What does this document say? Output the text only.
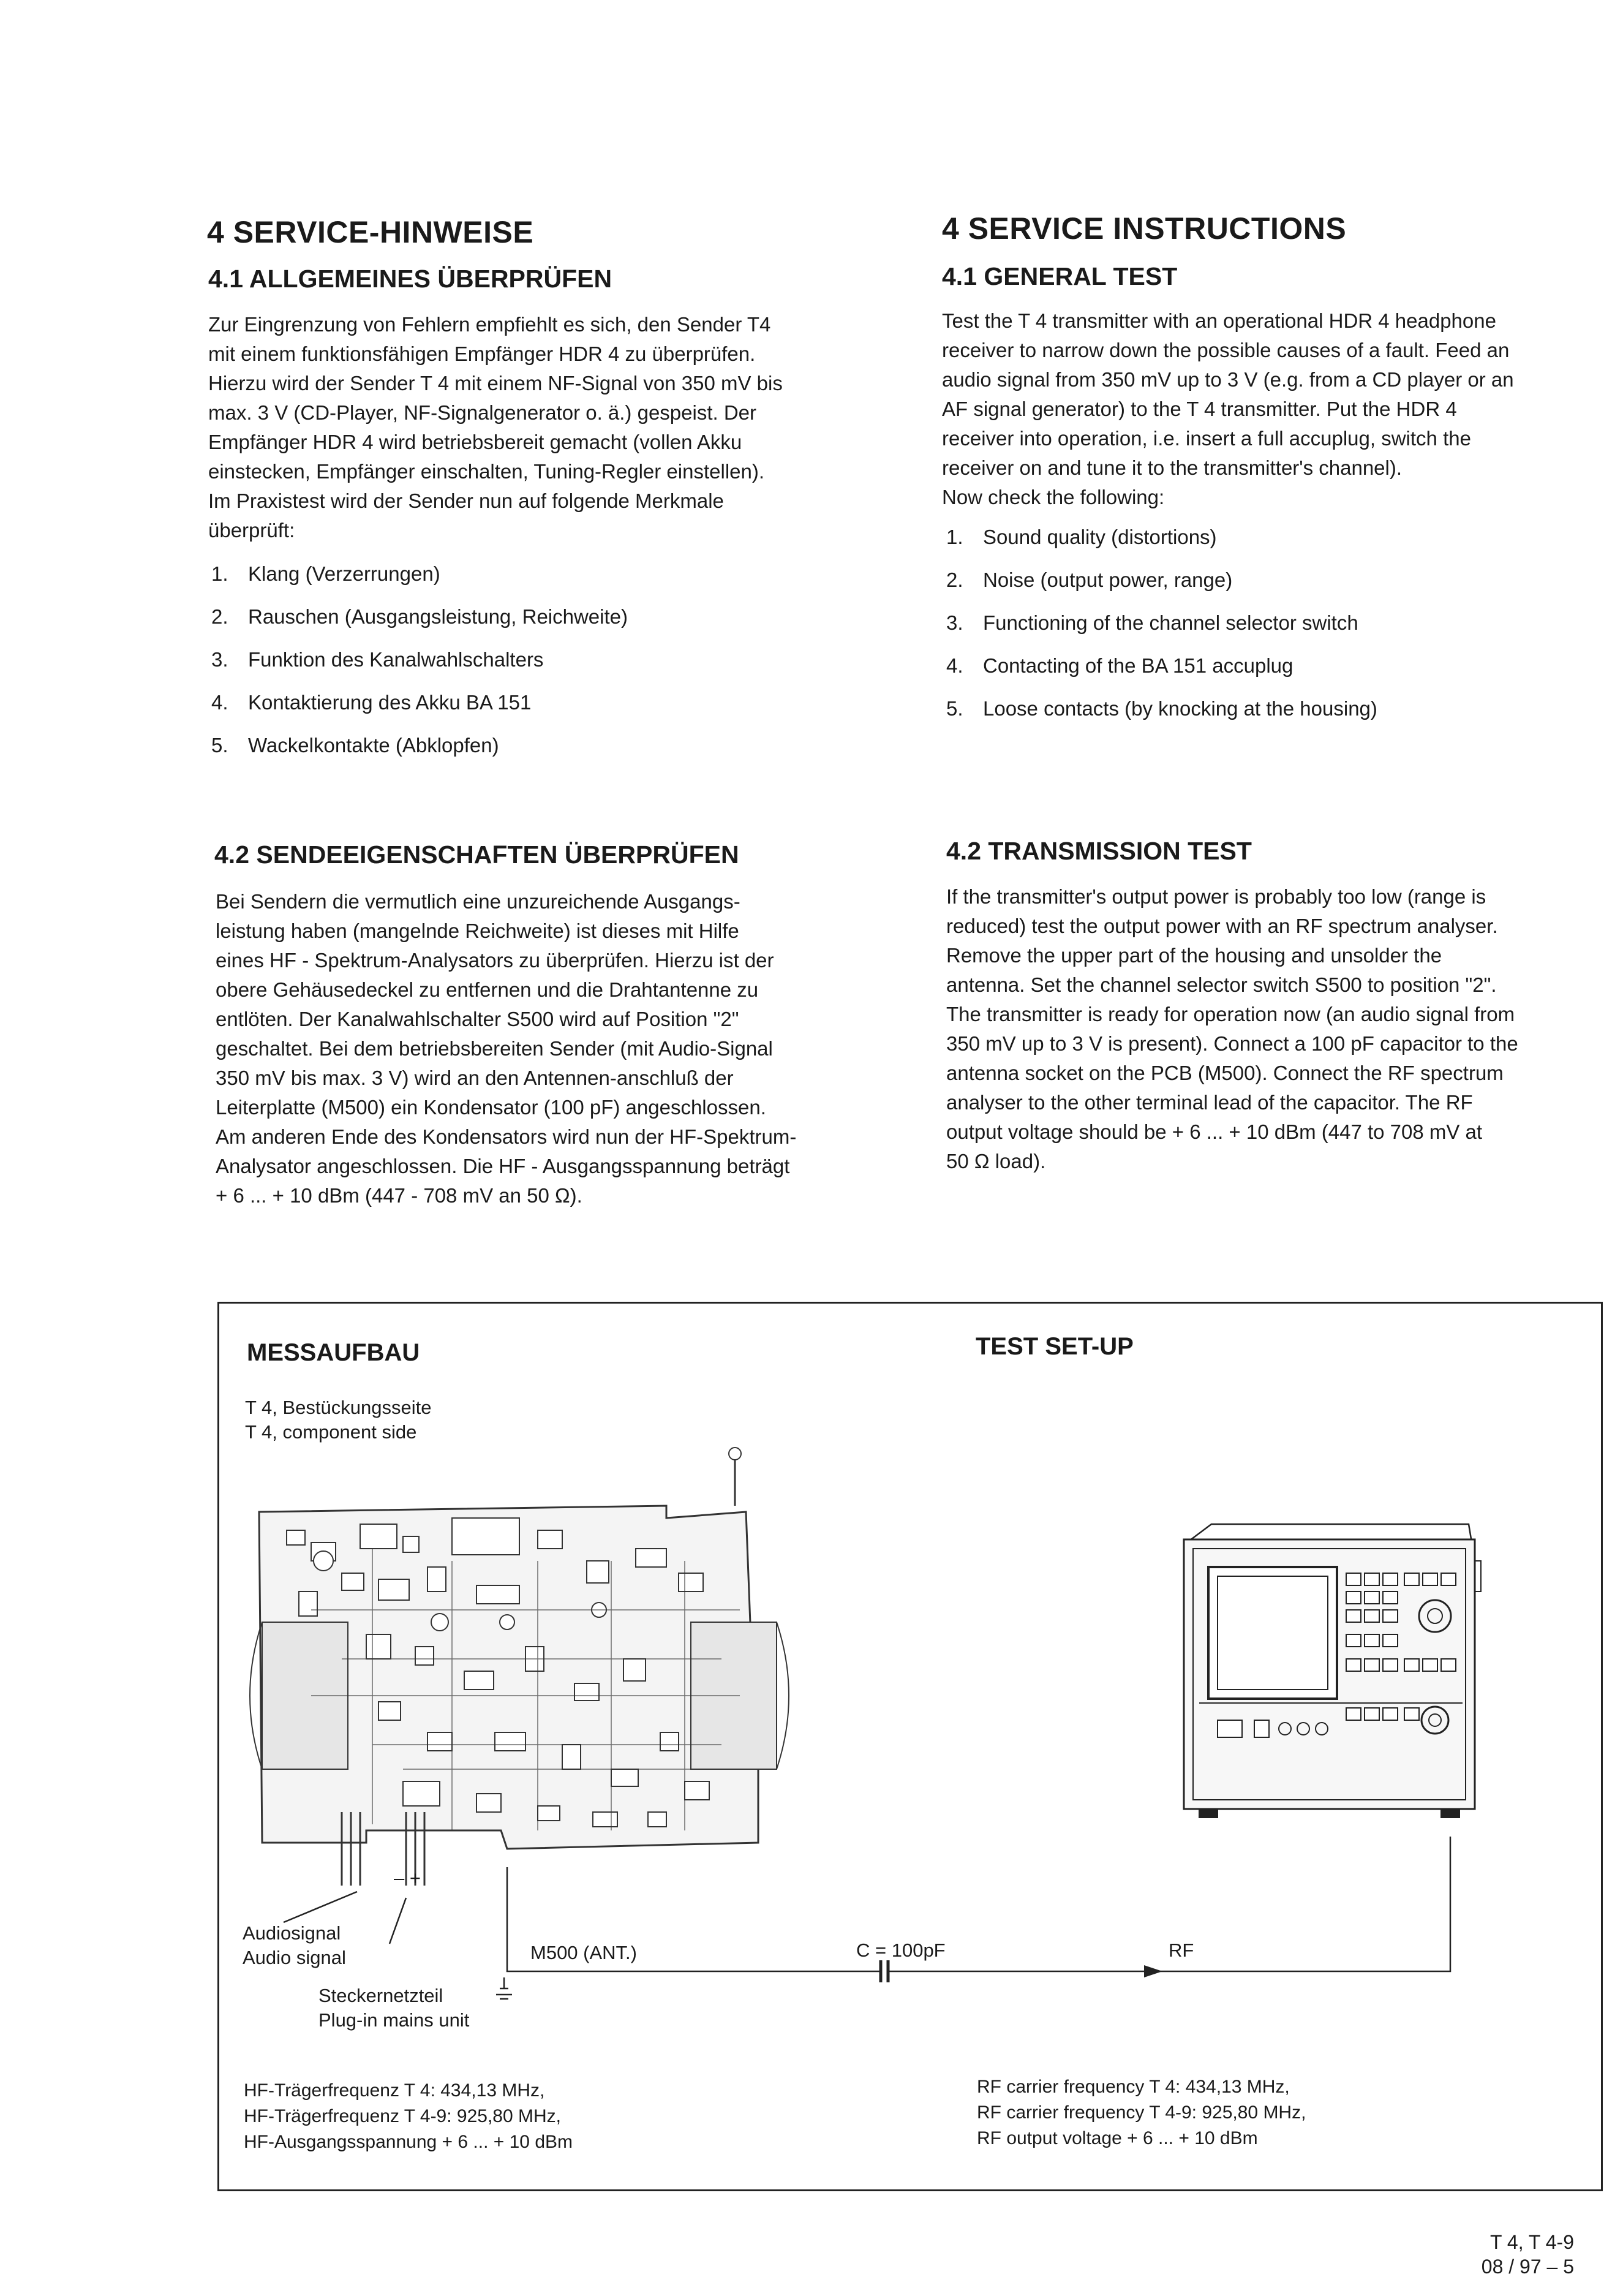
4 SERVICE-HINWEISE
4.1 ALLGEMEINES ÜBERPRÜFEN

Zur Eingrenzung von Fehlern empfiehlt es sich, den Sender T4

mit einem funktionsfähigen Empfänger HDR 4 zu überprüfen.

Hierzu wird der Sender T 4 mit einem NF-Signal von 350 mV bis

max. 3 V (CD-Player, NF-Signalgenerator o. ä.) gespeist. Der

Empfänger HDR 4 wird betriebsbereit gemacht (vollen Akku

einstecken, Empfänger einschalten, Tuning-Regler einstellen).

Im Praxistest wird der Sender nun auf folgende Merkmale

überprüft:

1. Klang (Verzerrungen)
2. Rauschen (Ausgangsleistung, Reichweite)
3. Funktion des Kanalwahlschalters
4. Kontaktierung des Akku BA 151
5. Wackelkontakte (Abklopfen)
4.2 SENDEEIGENSCHAFTEN ÜBERPRÜFEN

Bei Sendern die vermutlich eine unzureichende Ausgangs-

leistung haben (mangelnde Reichweite) ist dieses mit Hilfe

eines HF - Spektrum-Analysators zu überprüfen. Hierzu ist der

obere Gehäusedeckel zu entfernen und die Drahtantenne zu

entlöten. Der Kanalwahlschalter S500 wird auf Position "2"

geschaltet. Bei dem betriebsbereiten Sender (mit Audio-Signal

350 mV bis max. 3 V) wird an den Antennen-anschluß der

Leiterplatte (M500) ein Kondensator (100 pF) angeschlossen.

Am anderen Ende des Kondensators wird nun der HF-Spektrum-

Analysator angeschlossen. Die HF - Ausgangsspannung beträgt

+ 6 ... + 10 dBm (447 - 708 mV an 50 Ω).

4 SERVICE INSTRUCTIONS
4.1 GENERAL TEST

Test the T 4 transmitter with an operational HDR 4 headphone

receiver to narrow down the possible causes of a fault. Feed an

audio signal from 350 mV up to 3 V (e.g. from a CD player or an

AF signal generator) to the T 4 transmitter. Put the HDR 4

receiver into operation, i.e. insert a full accuplug, switch the

receiver on and tune it to the transmitter's channel).

Now check the following:

1. Sound quality (distortions)
2. Noise (output power, range)
3. Functioning of the channel selector switch
4. Contacting of the BA 151 accuplug
5. Loose contacts (by knocking at the housing)
4.2 TRANSMISSION TEST

If the transmitter's output power is probably too low (range is

reduced) test the output power with an RF spectrum analyser.

Remove the upper part of the housing and unsolder the

antenna. Set the channel selector switch S500 to position "2".

The transmitter is ready for operation now (an audio signal from

350 mV up to 3 V is present). Connect a 100 pF capacitor to the

antenna socket on the PCB (M500). Connect the RF spectrum

analyser to the other terminal lead of the capacitor. The RF

output voltage should be + 6 ... + 10 dBm (447 to 708 mV at

50 Ω load).

MESSAUFBAU	TEST SET-UP
T 4, Bestückungsseite
T 4, component side
Audiosignal
Audio signal
– +
Steckernetzteil
Plug-in mains unit
M500 (ANT.)	C = 100pF	RF
HF-Trägerfrequenz T 4: 434,13 MHz,
HF-Trägerfrequenz T 4-9: 925,80 MHz,
HF-Ausgangsspannung + 6 ... + 10 dBm
RF carrier frequency T 4: 434,13 MHz,
RF carrier frequency T 4-9: 925,80 MHz,
RF output voltage + 6 ... + 10 dBm
T 4, T 4-9
08 / 97 – 5
